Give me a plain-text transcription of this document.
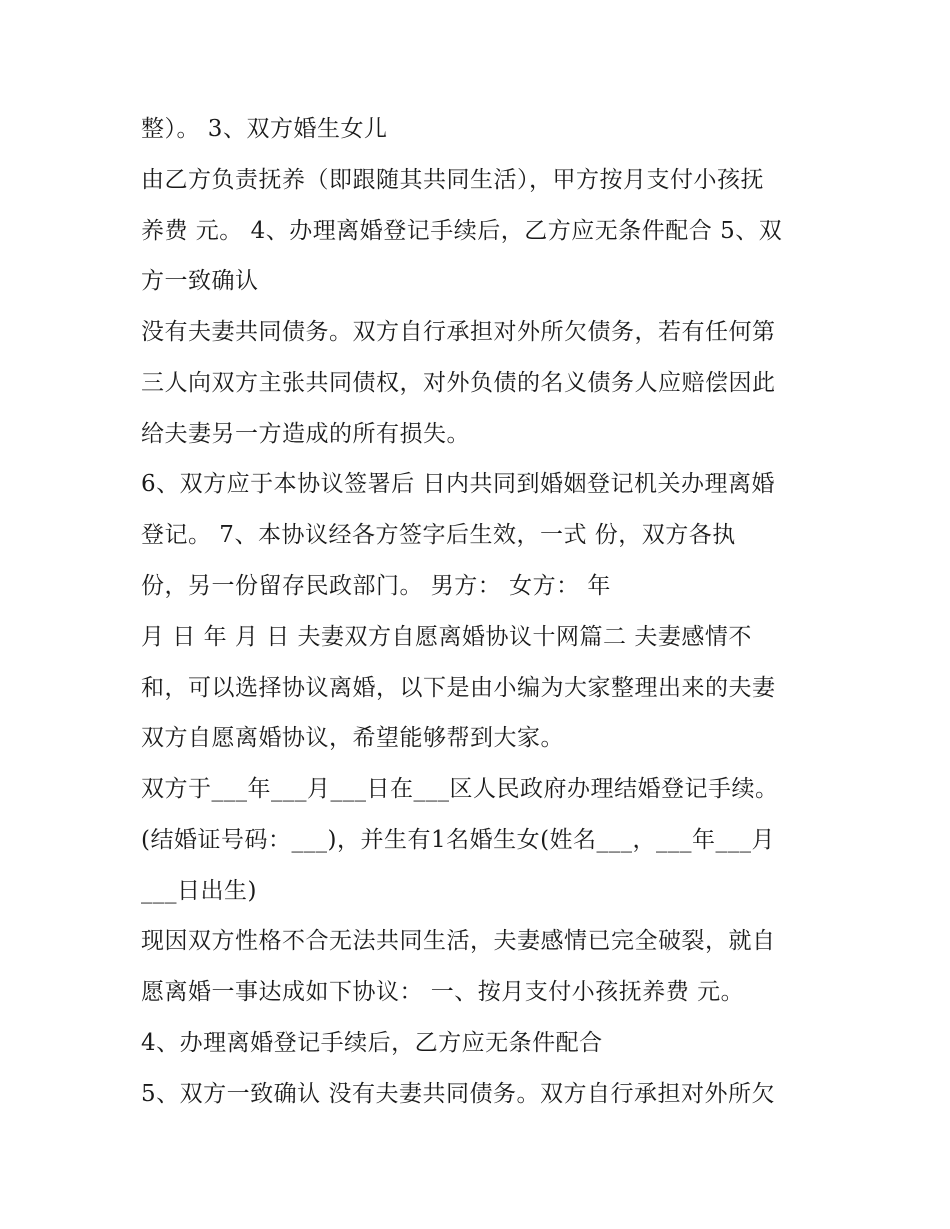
整）。 3、双方婚生女儿
由乙方负责抚养（即跟随其共同生活），甲方按月支付小孩抚
养费 元。 4、办理离婚登记手续后，乙方应无条件配合 5、双
方一致确认
没有夫妻共同债务。双方自行承担对外所欠债务，若有任何第
三人向双方主张共同债权，对外负债的名义债务人应赔偿因此
给夫妻另一方造成的所有损失。
6、双方应于本协议签署后 日内共同到婚姻登记机关办理离婚
登记。 7、本协议经各方签字后生效，一式 份，双方各执
份，另一份留存民政部门。 男方： 女方： 年
月 日 年 月 日 夫妻双方自愿离婚协议十网篇二 夫妻感情不
和，可以选择协议离婚，以下是由小编为大家整理出来的夫妻
双方自愿离婚协议，希望能够帮到大家。
双方于___年___月___日在___区人民政府办理结婚登记手续。
(结婚证号码：___)，并生有1名婚生女(姓名___，___年___月
___日出生)
现因双方性格不合无法共同生活，夫妻感情已完全破裂，就自
愿离婚一事达成如下协议： 一、按月支付小孩抚养费 元。
4、办理离婚登记手续后，乙方应无条件配合
5、双方一致确认 没有夫妻共同债务。双方自行承担对外所欠
